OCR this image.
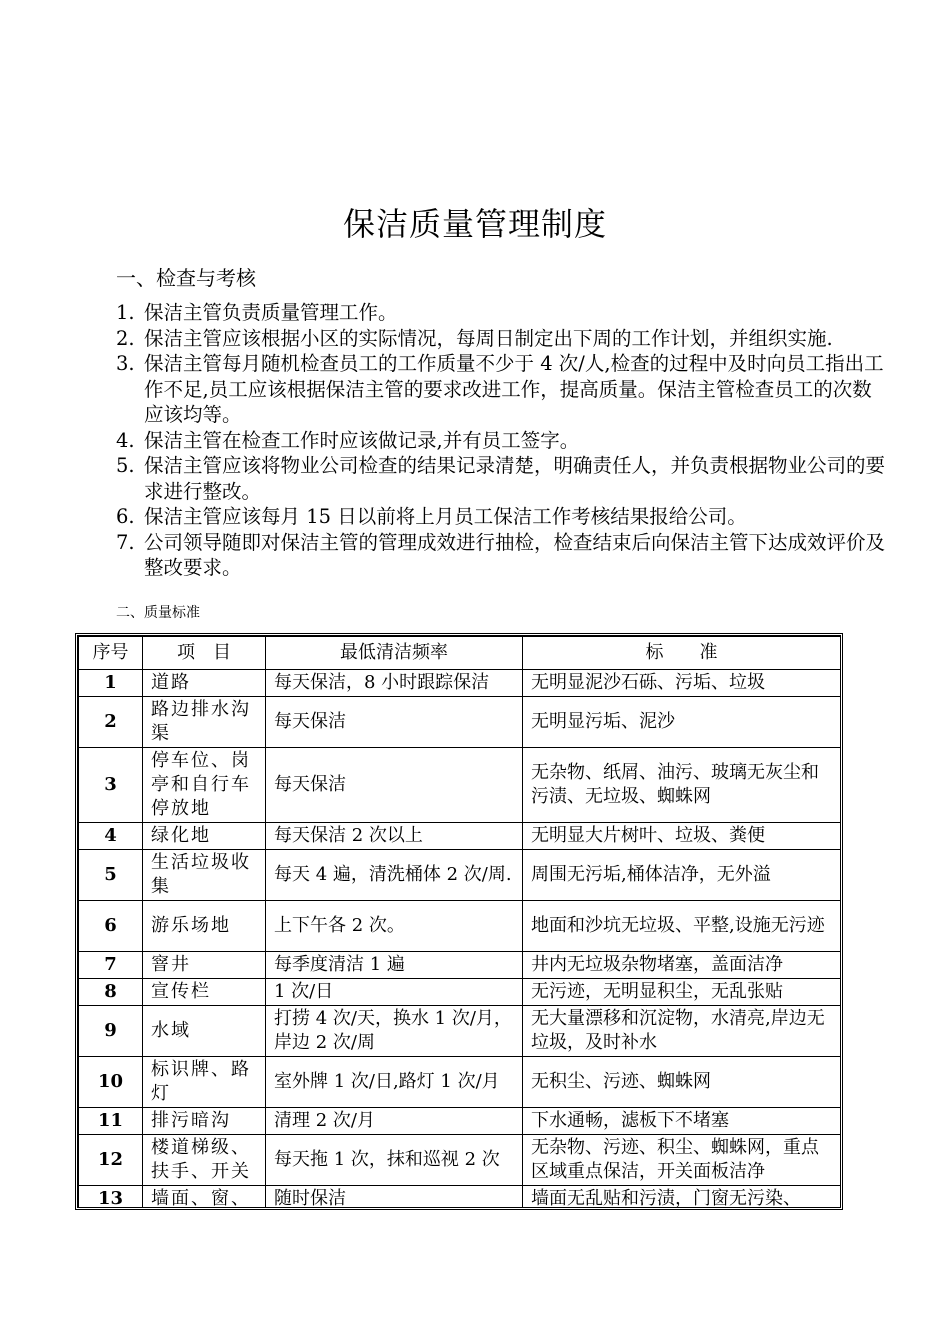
保洁质量管理制度
一、检查与考核
1. 保洁主管负责质量管理工作。
2. 保洁主管应该根据小区的实际情况，每周日制定出下周的工作计划，并组织实施.
3. 保洁主管每月随机检查员工的工作质量不少于 4 次/人,检查的过程中及时向员工指出工作不足,员工应该根据保洁主管的要求改进工作，提高质量。保洁主管检查员工的次数应该均等。
4. 保洁主管在检查工作时应该做记录,并有员工签字。
5. 保洁主管应该将物业公司检查的结果记录清楚，明确责任人，并负责根据物业公司的要求进行整改。
6. 保洁主管应该每月 15 日以前将上月员工保洁工作考核结果报给公司。
7. 公司领导随即对保洁主管的管理成效进行抽检，检查结束后向保洁主管下达成效评价及整改要求。
二、质量标准
序号	项　目	最低清洁频率	标　　准
1	道路	每天保洁，8 小时跟踪保洁	无明显泥沙石砾、污垢、垃圾
2	路边排水沟渠	每天保洁	无明显污垢、泥沙
3	停车位、岗亭和自行车停放地	每天保洁	无杂物、纸屑、油污、玻璃无灰尘和污渍、无垃圾、蜘蛛网
4	绿化地	每天保洁 2 次以上	无明显大片树叶、垃圾、粪便
5	生活垃圾收集	每天 4 遍，清洗桶体 2 次/周.	周围无污垢,桶体洁净，无外溢
6	游乐场地	上下午各 2 次。	地面和沙坑无垃圾、平整,设施无污迹
7	窨井	每季度清洁 1 遍	井内无垃圾杂物堵塞，盖面洁净
8	宣传栏	1 次/日	无污迹，无明显积尘，无乱张贴
9	水域	打捞 4 次/天，换水 1 次/月，岸边 2 次/周	无大量漂移和沉淀物，水清亮,岸边无垃圾，及时补水
10	标识牌、路灯	室外牌 1 次/日,路灯 1 次/月	无积尘、污迹、蜘蛛网
11	排污暗沟	清理 2 次/月	下水通畅，滤板下不堵塞
12	楼道梯级、扶手、开关	每天拖 1 次，抹和巡视 2 次	无杂物、污迹、积尘、蜘蛛网，重点区域重点保洁，开关面板洁净
13	墙面、窗、	随时保洁	墙面无乱贴和污渍，门窗无污染、
